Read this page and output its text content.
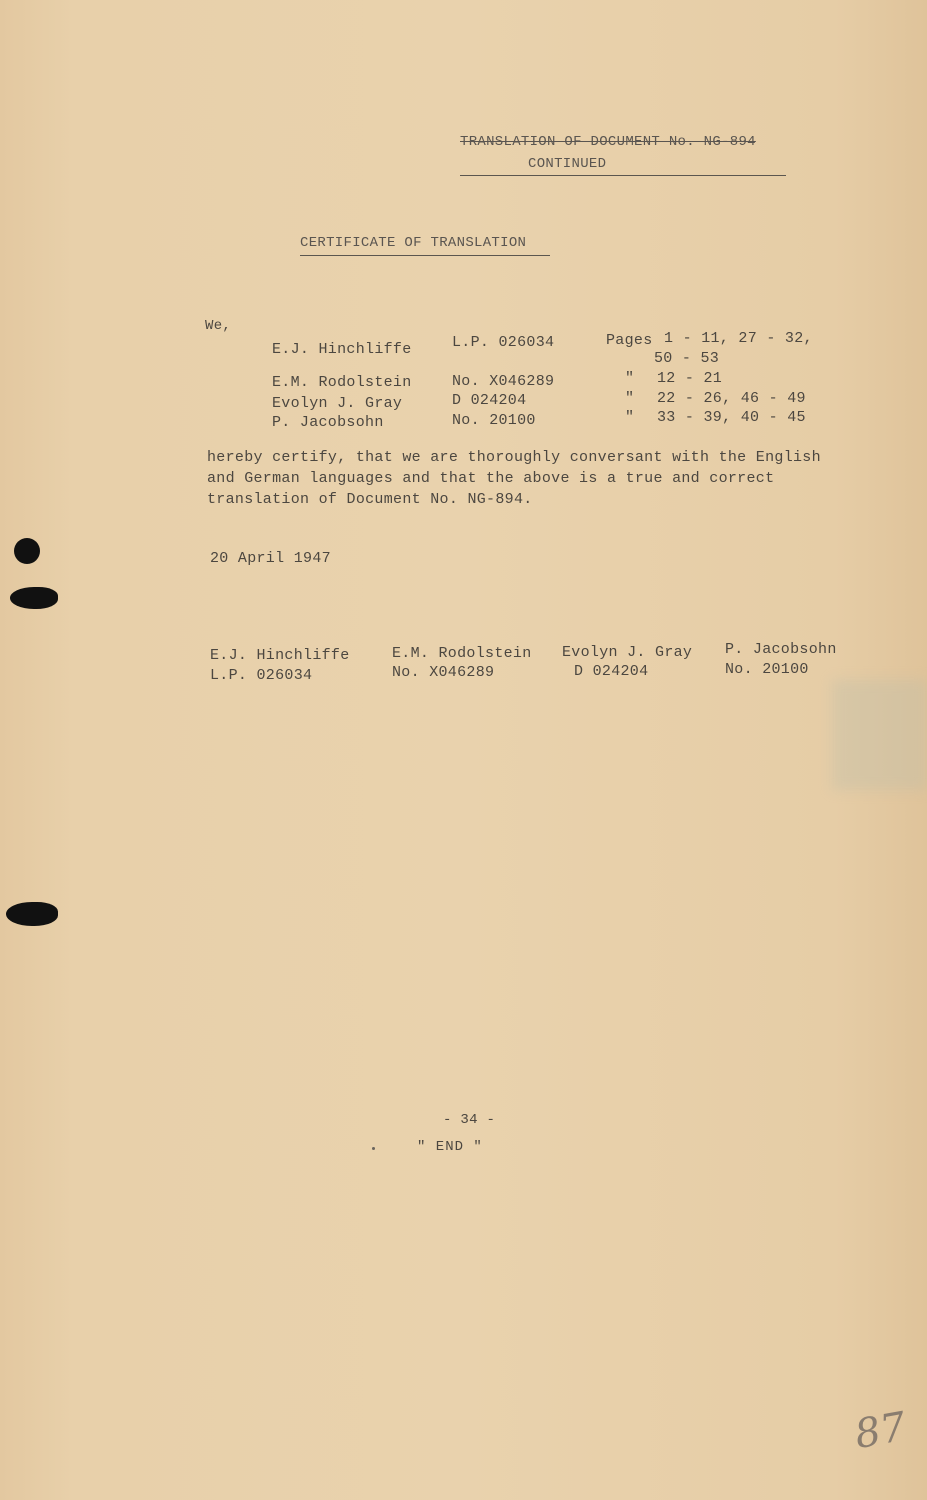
TRANSLATION OF DOCUMENT No. NG-894
CONTINUED
CERTIFICATE OF TRANSLATION
We,
E.J. Hinchliffe	L.P. 026034	Pages 1 - 11, 27 - 32,
50 - 53
E.M. Rodolstein	No. X046289	" 12 - 21
Evolyn J. Gray	D 024204	" 22 - 26, 46 - 49
P. Jacobsohn	No. 20100	" 33 - 39, 40 - 45
hereby certify, that we are thoroughly conversant with the English
and German languages and that the above is a true and correct
translation of Document No. NG-894.
20 April 1947
E.J. Hinchliffe
L.P. 026034
E.M. Rodolstein
No. X046289
Evolyn J. Gray
D 024204
P. Jacobsohn
No. 20100
- 34 -
" END "
87
